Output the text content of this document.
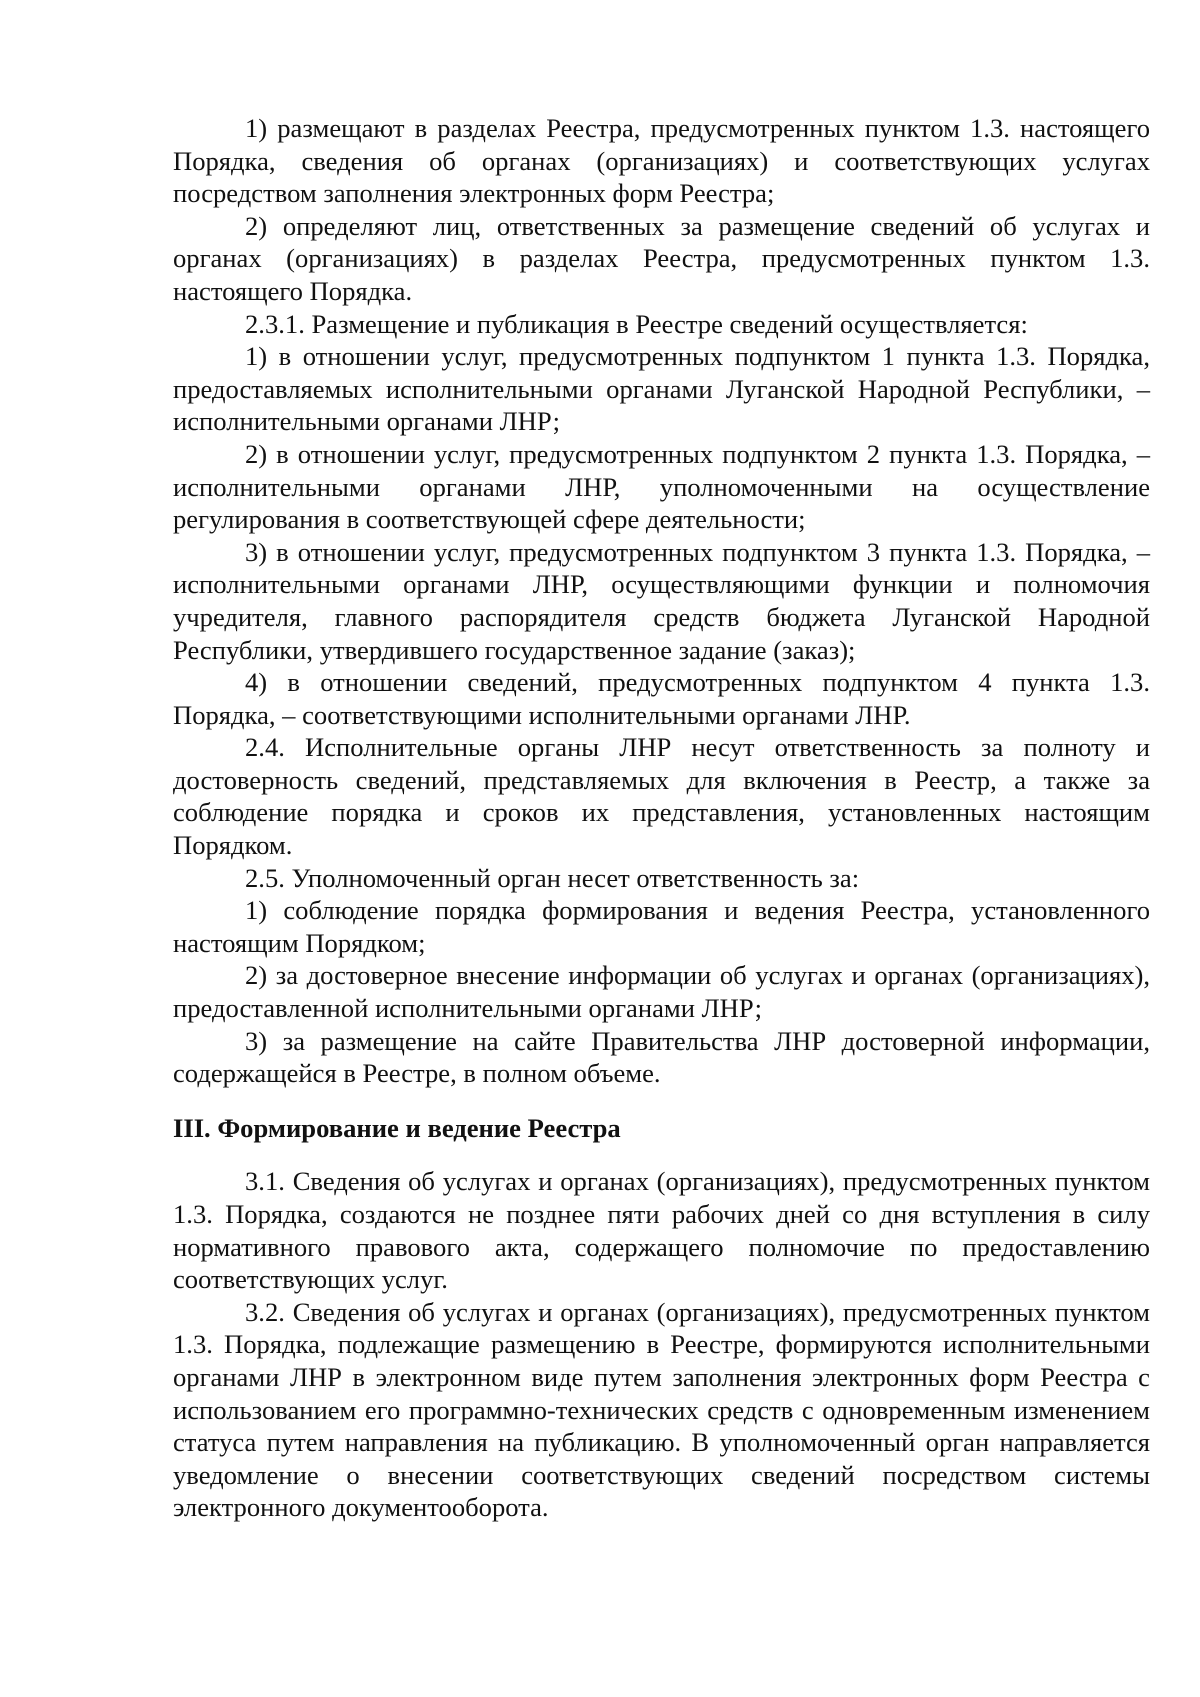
1) размещают в разделах Реестра, предусмотренных пунктом 1.3. настоящего Порядка, сведения об органах (организациях) и соответствующих услугах посредством заполнения электронных форм Реестра;

2) определяют лиц, ответственных за размещение сведений об услугах и органах (организациях) в разделах Реестра, предусмотренных пунктом 1.3. настоящего Порядка.

2.3.1. Размещение и публикация в Реестре сведений осуществляется:

1) в отношении услуг, предусмотренных подпунктом 1 пункта 1.3. Порядка, предоставляемых исполнительными органами Луганской Народной Республики, – исполнительными органами ЛНР;

2) в отношении услуг, предусмотренных подпунктом 2 пункта 1.3. Порядка, – исполнительными органами ЛНР, уполномоченными на осуществление регулирования в соответствующей сфере деятельности;

3) в отношении услуг, предусмотренных подпунктом 3 пункта 1.3. Порядка, – исполнительными органами ЛНР, осуществляющими функции и полномочия учредителя, главного распорядителя средств бюджета Луганской Народной Республики, утвердившего государственное задание (заказ);

4) в отношении сведений, предусмотренных подпунктом 4 пункта 1.3. Порядка, – соответствующими исполнительными органами ЛНР.

2.4. Исполнительные органы ЛНР несут ответственность за полноту и достоверность сведений, представляемых для включения в Реестр, а также за соблюдение порядка и сроков их представления, установленных настоящим Порядком.

2.5. Уполномоченный орган несет ответственность за:

1) соблюдение порядка формирования и ведения Реестра, установленного настоящим Порядком;

2) за достоверное внесение информации об услугах и органах (организациях), предоставленной исполнительными органами ЛНР;

3) за размещение на сайте Правительства ЛНР достоверной информации, содержащейся в Реестре, в полном объеме.

III. Формирование и ведение Реестра

3.1. Сведения об услугах и органах (организациях), предусмотренных пунктом 1.3. Порядка, создаются не позднее пяти рабочих дней со дня вступления в силу нормативного правового акта, содержащего полномочие по предоставлению соответствующих услуг.

3.2. Сведения об услугах и органах (организациях), предусмотренных пунктом 1.3. Порядка, подлежащие размещению в Реестре, формируются исполнительными органами ЛНР в электронном виде путем заполнения электронных форм Реестра с использованием его программно-технических средств с одновременным изменением статуса путем направления на публикацию. В уполномоченный орган направляется уведомление о внесении соответствующих сведений посредством системы электронного документооборота.
